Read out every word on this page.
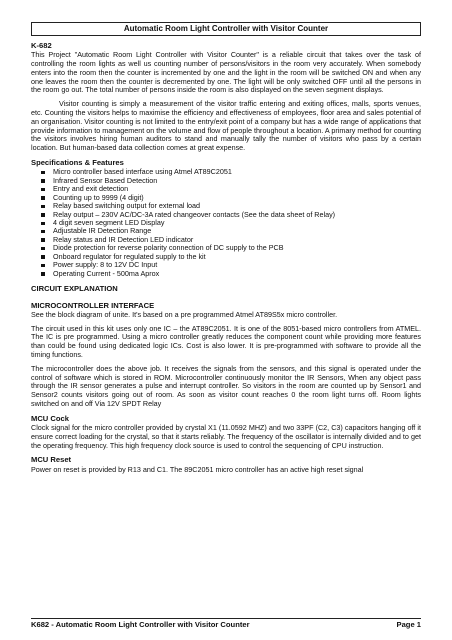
Automatic Room Light Controller with Visitor Counter
K-682

This Project "Automatic Room Light Controller with Visitor Counter" is a reliable circuit that takes over the task of controlling the room lights as well us counting number of persons/visitors in the room very accurately. When somebody enters into the room then the counter is incremented by one and the light in the room will be switched ON and when any one leaves the room then the counter is decremented by one. The light will be only switched OFF until all the persons in the room go out. The total number of persons inside the room is also displayed on the seven segment displays.

Visitor counting is simply a measurement of the visitor traffic entering and exiting offices, malls, sports venues, etc. Counting the visitors helps to maximise the efficiency and effectiveness of employees, floor area and sales potential of an organisation. Visitor counting is not limited to the entry/exit point of a company but has a wide range of applications that provide information to management on the volume and flow of people throughout a location. A primary method for counting the visitors involves hiring human auditors to stand and manually tally the number of visitors who pass by a certain location. But human-based data collection comes at great expense.

Specifications & Features
Micro controller based interface using Atmel AT89C2051
Infrared Sensor Based Detection
Entry and exit detection
Counting up to 9999 (4 digit)
Relay based switching output for external load
Relay output – 230V AC/DC-3A rated changeover contacts (See the data sheet of Relay)
4 digit seven segment LED Display
Adjustable IR Detection Range
Relay status and IR Detection LED indicator
Diode protection for reverse polarity connection of DC supply to the PCB
Onboard regulator for regulated supply to the kit
Power supply: 8 to 12V DC Input
Operating Current - 500ma Aprox
CIRCUIT EXPLANATION
MICROCONTROLLER INTERFACE

See the block diagram of unite. It's based on a pre programmed Atmel AT89S5x micro controller.

The circuit used in this kit uses only one IC – the AT89C2051. It is one of the 8051-based micro controllers from ATMEL. The IC is pre programmed. Using a micro controller greatly reduces the component count while providing more features than could be found using dedicated logic ICs. Cost is also lower. It is pre-programmed with software to provide all the timing functions.

The microcontroller does the above job. It receives the signals from the sensors, and this signal is operated under the control of software which is stored in ROM. Microcontroller continuously monitor the IR Sensors, When any object pass through the IR sensor generates a pulse and interrupt controller. So visitors in the room are counted up by Sensor1 and Sensor2 counts visitors going out of room. As soon as visitor count reaches 0 the room light turns off. Room lights switched on and off Via 12V SPDT Relay

MCU Cock

Clock signal for the micro controller provided by crystal X1 (11.0592 MHZ) and two 33PF (C2, C3) capacitors hanging off it ensure correct loading for the crystal, so that it starts reliably. The frequency of the oscillator is internally divided and to get the operating frequency. This high frequency clock source is used to control the sequencing of CPU instruction.

MCU Reset

Power on reset is provided by R13 and C1. The 89C2051 micro controller has an active high reset signal

K682 - Automatic Room Light Controller with Visitor Counter	Page 1
